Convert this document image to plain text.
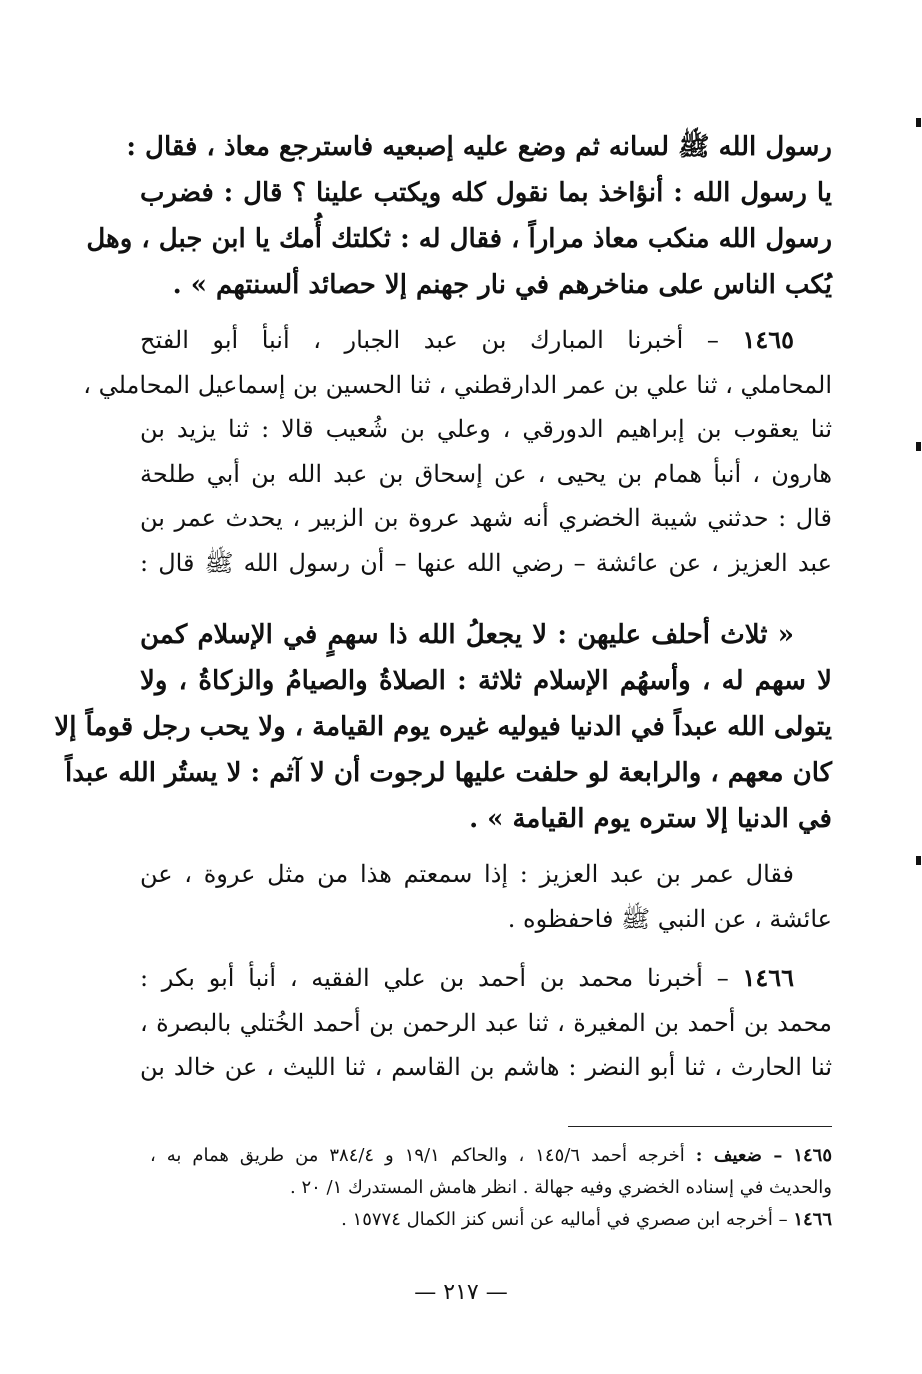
رسول الله ﷺ لسانه ثم وضع عليه إصبعيه فاسترجع معاذ ، فقال :
يا رسول الله : أنؤاخذ بما نقول كله ويكتب علينا ؟ قال : فضرب
رسول الله منكب معاذ مراراً ، فقال له : ثكلتك أُمك يا ابن جبل ، وهل
يُكب الناس على مناخرهم في نار جهنم إلا حصائد ألسنتهم » .
١٤٦٥ – أخبرنا المبارك بن عبد الجبار ، أنبأ أبو الفتح
المحاملي ، ثنا علي بن عمر الدارقطني ، ثنا الحسين بن إسماعيل المحاملي ،
ثنا يعقوب بن إبراهيم الدورقي ، وعلي بن شُعيب قالا : ثنا يزيد بن
هارون ، أنبأ همام بن يحيى ، عن إسحاق بن عبد الله بن أبي طلحة
قال : حدثني شيبة الخضري أنه شهد عروة بن الزبير ، يحدث عمر بن
عبد العزيز ، عن عائشة – رضي الله عنها – أن رسول الله ﷺ قال :
« ثلاث أحلف عليهن : لا يجعلُ الله ذا سهمٍ في الإسلام كمن
لا سهم له ، وأسهُم الإسلام ثلاثة : الصلاةُ والصيامُ والزكاةُ ، ولا
يتولى الله عبداً في الدنيا فيوليه غيره يوم القيامة ، ولا يحب رجل قوماً إلا
كان معهم ، والرابعة لو حلفت عليها لرجوت أن لا آثم : لا يستُر الله عبداً
في الدنيا إلا ستره يوم القيامة » .
فقال عمر بن عبد العزيز : إذا سمعتم هذا من مثل عروة ، عن
عائشة ، عن النبي ﷺ فاحفظوه .
١٤٦٦ – أخبرنا محمد بن أحمد بن علي الفقيه ، أنبأ أبو بكر :
محمد بن أحمد بن المغيرة ، ثنا عبد الرحمن بن أحمد الخُتلي بالبصرة ،
ثنا الحارث ، ثنا أبو النضر : هاشم بن القاسم ، ثنا الليث ، عن خالد بن
١٤٦٥ – ضعيف : أخرجه أحمد ١٤٥/٦ ، والحاكم ١٩/١ و ٣٨٤/٤ من طريق همام به ،
والحديث في إسناده الخضري وفيه جهالة . انظر هامش المستدرك ١/ ٢٠ .
١٤٦٦ – أخرجه ابن صصري في أماليه عن أنس كنز الكمال ١٥٧٧٤ .
— ٢١٧ —
